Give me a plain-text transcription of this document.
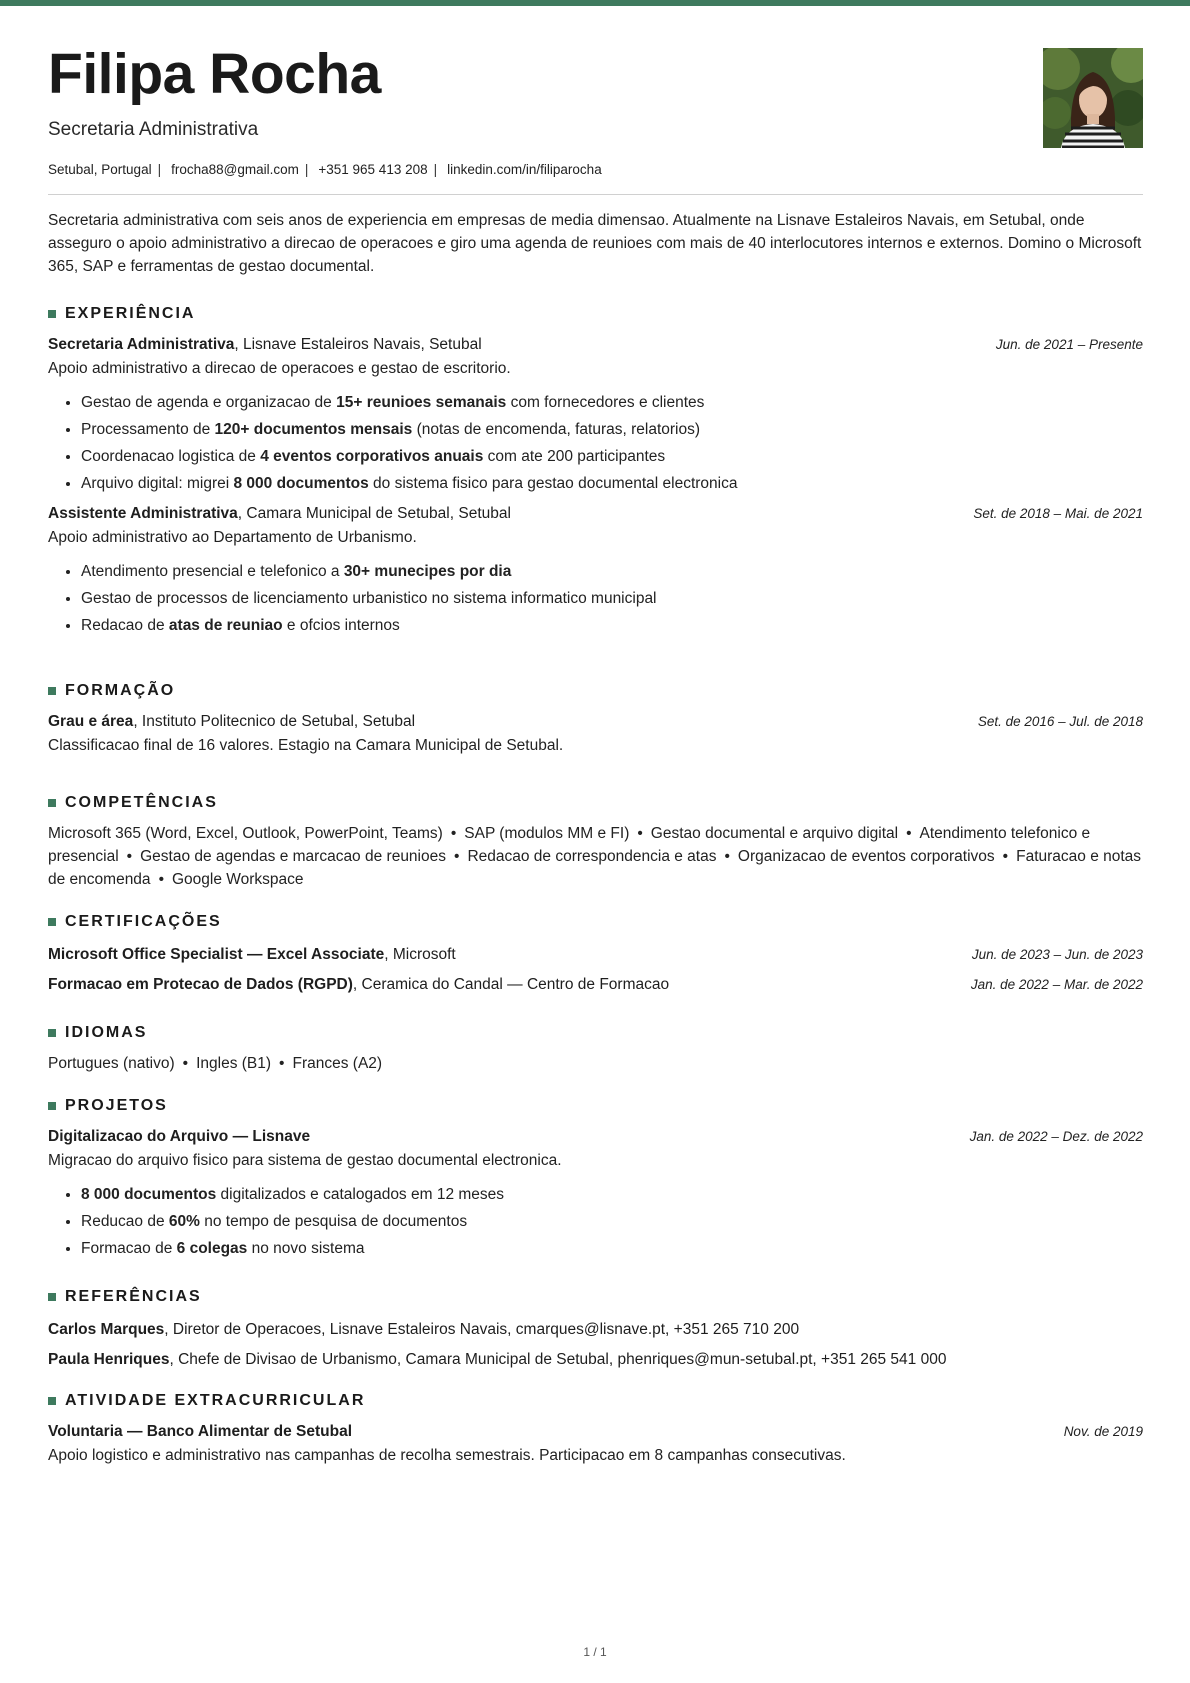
Filipa Rocha
Secretaria Administrativa
Setubal, Portugal | frocha88@gmail.com | +351 965 413 208 | linkedin.com/in/filiparocha
Secretaria administrativa com seis anos de experiencia em empresas de media dimensao. Atualmente na Lisnave Estaleiros Navais, em Setubal, onde asseguro o apoio administrativo a direcao de operacoes e giro uma agenda de reunioes com mais de 40 interlocutores internos e externos. Domino o Microsoft 365, SAP e ferramentas de gestao documental.
EXPERIÊNCIA
Secretaria Administrativa, Lisnave Estaleiros Navais, Setubal	Jun. de 2021 – Presente
Apoio administrativo a direcao de operacoes e gestao de escritorio.
• Gestao de agenda e organizacao de 15+ reunioes semanais com fornecedores e clientes
• Processamento de 120+ documentos mensais (notas de encomenda, faturas, relatorios)
• Coordenacao logistica de 4 eventos corporativos anuais com ate 200 participantes
• Arquivo digital: migrei 8 000 documentos do sistema fisico para gestao documental electronica
Assistente Administrativa, Camara Municipal de Setubal, Setubal	Set. de 2018 – Mai. de 2021
Apoio administrativo ao Departamento de Urbanismo.
• Atendimento presencial e telefonico a 30+ munecipes por dia
• Gestao de processos de licenciamento urbanistico no sistema informatico municipal
• Redacao de atas de reuniao e ofcios internos
FORMAÇÃO
Grau e área, Instituto Politecnico de Setubal, Setubal	Set. de 2016 – Jul. de 2018
Classificacao final de 16 valores. Estagio na Camara Municipal de Setubal.
COMPETÊNCIAS
Microsoft 365 (Word, Excel, Outlook, PowerPoint, Teams) • SAP (modulos MM e FI) • Gestao documental e arquivo digital • Atendimento telefonico e presencial • Gestao de agendas e marcacao de reunioes • Redacao de correspondencia e atas • Organizacao de eventos corporativos • Faturacao e notas de encomenda • Google Workspace
CERTIFICAÇÕES
Microsoft Office Specialist — Excel Associate, Microsoft	Jun. de 2023 – Jun. de 2023
Formacao em Protecao de Dados (RGPD), Ceramica do Candal — Centro de Formacao	Jan. de 2022 – Mar. de 2022
IDIOMAS
Portugues (nativo) • Ingles (B1) • Frances (A2)
PROJETOS
Digitalizacao do Arquivo — Lisnave	Jan. de 2022 – Dez. de 2022
Migracao do arquivo fisico para sistema de gestao documental electronica.
• 8 000 documentos digitalizados e catalogados em 12 meses
• Reducao de 60% no tempo de pesquisa de documentos
• Formacao de 6 colegas no novo sistema
REFERÊNCIAS
Carlos Marques, Diretor de Operacoes, Lisnave Estaleiros Navais, cmarques@lisnave.pt, +351 265 710 200
Paula Henriques, Chefe de Divisao de Urbanismo, Camara Municipal de Setubal, phenriques@mun-setubal.pt, +351 265 541 000
ATIVIDADE EXTRACURRICULAR
Voluntaria — Banco Alimentar de Setubal	Nov. de 2019
Apoio logistico e administrativo nas campanhas de recolha semestrais. Participacao em 8 campanhas consecutivas.
1 / 1
